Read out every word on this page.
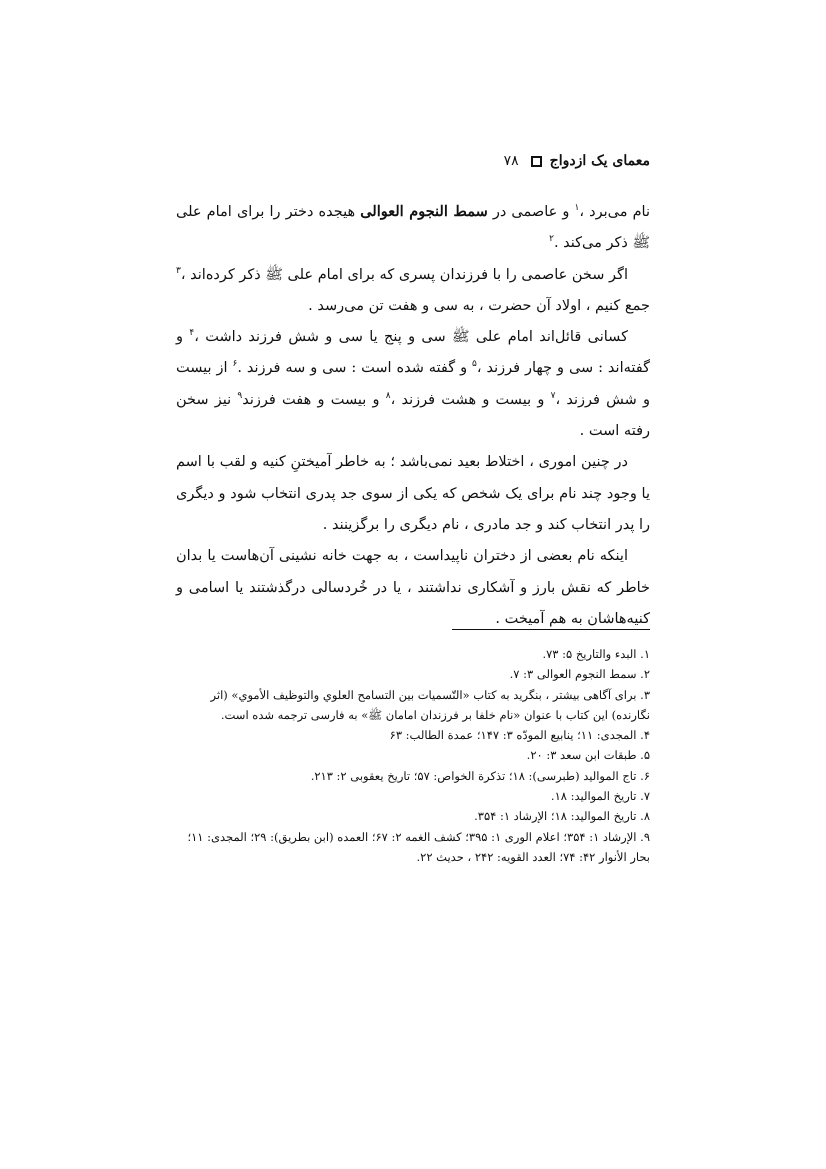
معمای یک ازدواج
۷۸

نام می‌برد ،$^۱$ و عاصمی در سمط النجوم العوالی هیجده دختر را برای امام علی ﷺ ذکر می‌کند .$^۲$

اگر سخن عاصمی را با فرزندان پسری که برای امام علی ﷺ ذکر کرده‌اند ،$^۳$ جمع کنیم ، اولاد آن حضرت ، به سی و هفت تن می‌رسد .

کسانی قائل‌اند امام علی ﷺ سی و پنج یا سی و شش فرزند داشت ،$^۴$ و گفته‌اند : سی و چهار فرزند ،$^۵$ و گفته شده است : سی و سه فرزند .$^۶$ از بیست و شش فرزند ،$^۷$ و بیست و هشت فرزند ،$^۸$ و بیست و هفت فرزند$^۹$ نیز سخن رفته است .

در چنین اموری ، اختلاط بعید نمی‌باشد ؛ به خاطر آمیختنِ کنیه و لقب با اسم یا وجود چند نام برای یک شخص که یکی از سوی جد پدری انتخاب شود و دیگری را پدر انتخاب کند و جد مادری ، نام دیگری را برگزینند .

اینکه نام بعضی از دختران ناپیداست ، به جهت خانه نشینی آن‌هاست یا بدان خاطر که نقش بارز و آشکاری نداشتند ، یا در خُردسالی درگذشتند یا اسامی و کنیه‌هاشان به هم آمیخت .

۱. البدء والتاریخ ۵: ۷۳.

۲. سمط النجوم العوالی ۳: ۷.

۳. برای آگاهی بیشتر ، بنگرید به کتاب «التّسمیات بین التسامح العلوي والتوظیف الأموي» (اثر نگارنده) این کتاب با عنوان «نام خلفا بر فرزندان امامان ﷺ» به فارسی ترجمه شده است.

۴. المجدی: ۱۱؛ ینابیع المودّه ۳: ۱۴۷؛ عمدة الطالب: ۶۳

۵. طبقات ابن سعد ۳: ۲۰.

۶. تاج الموالید (طبرسی): ۱۸؛ تذکرة الخواص: ۵۷؛ تاریخ یعقوبی ۲: ۲۱۳.

۷. تاریخ الموالید: ۱۸.

۸. تاریخ الموالید: ۱۸؛ الإرشاد ۱: ۳۵۴.

۹. الإرشاد ۱: ۳۵۴؛ اعلام الوری ۱: ۳۹۵؛ کشف الغمه ۲: ۶۷؛ العمده (ابن بطریق): ۲۹؛ المجدی: ۱۱؛ بحار الأنوار ۴۲: ۷۴؛ العدد القویه: ۲۴۲ ، حدیث ۲۲.
